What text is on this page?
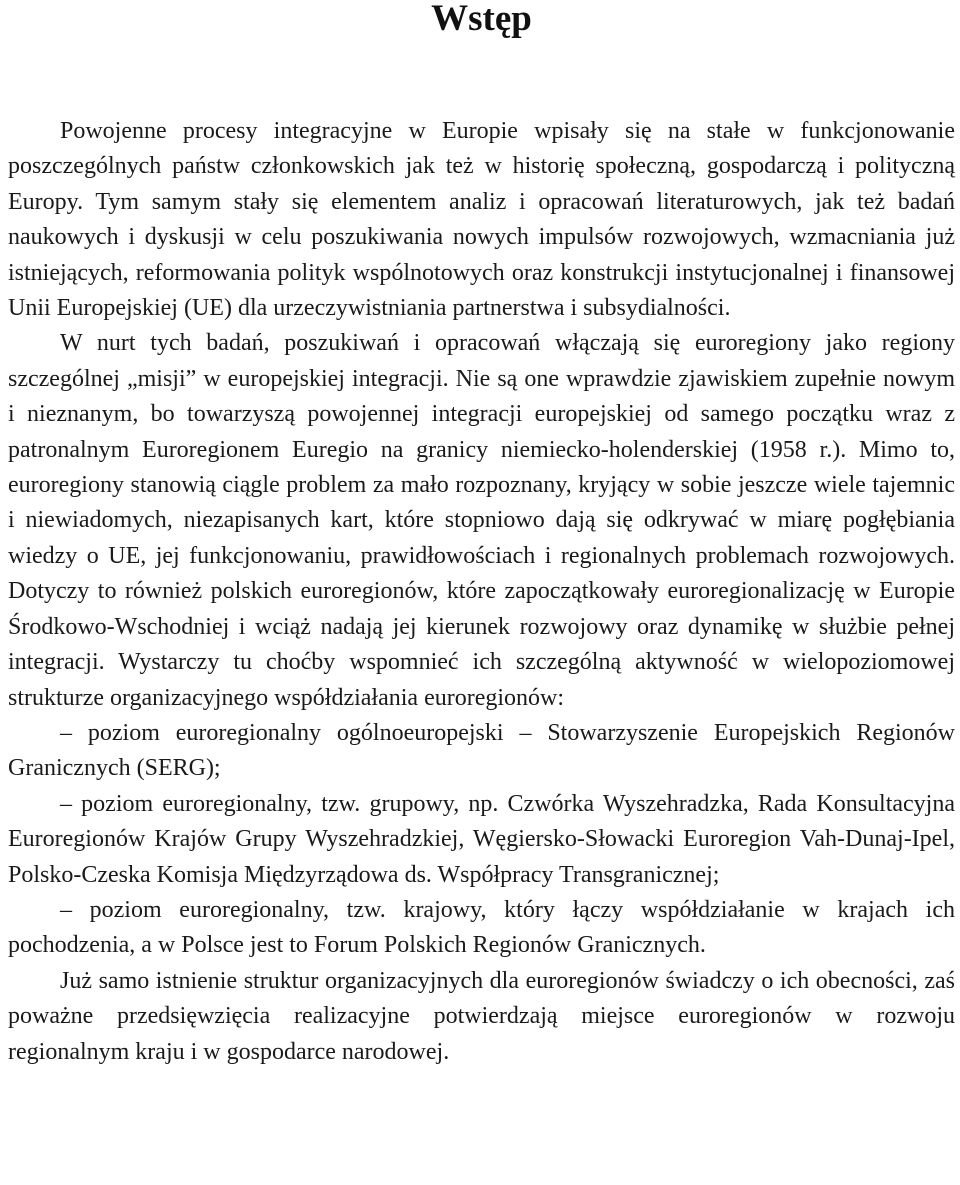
Wstęp

Powojenne procesy integracyjne w Europie wpisały się na stałe w funkcjonowanie poszczególnych państw członkowskich jak też w historię społeczną, gospodarczą i polityczną Europy. Tym samym stały się elementem analiz i opracowań literaturowych, jak też badań naukowych i dyskusji w celu poszukiwania nowych impulsów rozwojowych, wzmacniania już istniejących, reformowania polityk wspólnotowych oraz konstrukcji instytucjonalnej i finansowej Unii Europejskiej (UE) dla urzeczywistniania partnerstwa i subsydialności.

W nurt tych badań, poszukiwań i opracowań włączają się euroregiony jako regiony szczególnej „misji” w europejskiej integracji. Nie są one wprawdzie zjawiskiem zupełnie nowym i nieznanym, bo towarzyszą powojennej integracji europejskiej od samego początku wraz z patronalnym Euroregionem Euregio na granicy niemiecko-holenderskiej (1958 r.). Mimo to, euroregiony stanowią ciągle problem za mało rozpoznany, kryjący w sobie jeszcze wiele tajemnic i niewiadomych, niezapisanych kart, które stopniowo dają się odkrywać w miarę pogłębiania wiedzy o UE, jej funkcjonowaniu, prawidłowościach i regionalnych problemach rozwojowych. Dotyczy to również polskich euroregionów, które zapoczątkowały euroregionalizację w Europie Środkowo-Wschodniej i wciąż nadają jej kierunek rozwojowy oraz dynamikę w służbie pełnej integracji. Wystarczy tu choćby wspomnieć ich szczególną aktywność w wielopoziomowej strukturze organizacyjnego współdziałania euroregionów:

– poziom euroregionalny ogólnoeuropejski – Stowarzyszenie Europejskich Regionów Granicznych (SERG);

– poziom euroregionalny, tzw. grupowy, np. Czwórka Wyszehradzka, Rada Konsultacyjna Euroregionów Krajów Grupy Wyszehradzkiej, Węgiersko-Słowacki Euroregion Vah-Dunaj-Ipel, Polsko-Czeska Komisja Międzyrządowa ds. Współpracy Transgranicznej;

– poziom euroregionalny, tzw. krajowy, który łączy współdziałanie w krajach ich pochodzenia, a w Polsce jest to Forum Polskich Regionów Granicznych.

Już samo istnienie struktur organizacyjnych dla euroregionów świadczy o ich obecności, zaś poważne przedsięwzięcia realizacyjne potwierdzają miejsce euroregionów w rozwoju regionalnym kraju i w gospodarce narodowej.
